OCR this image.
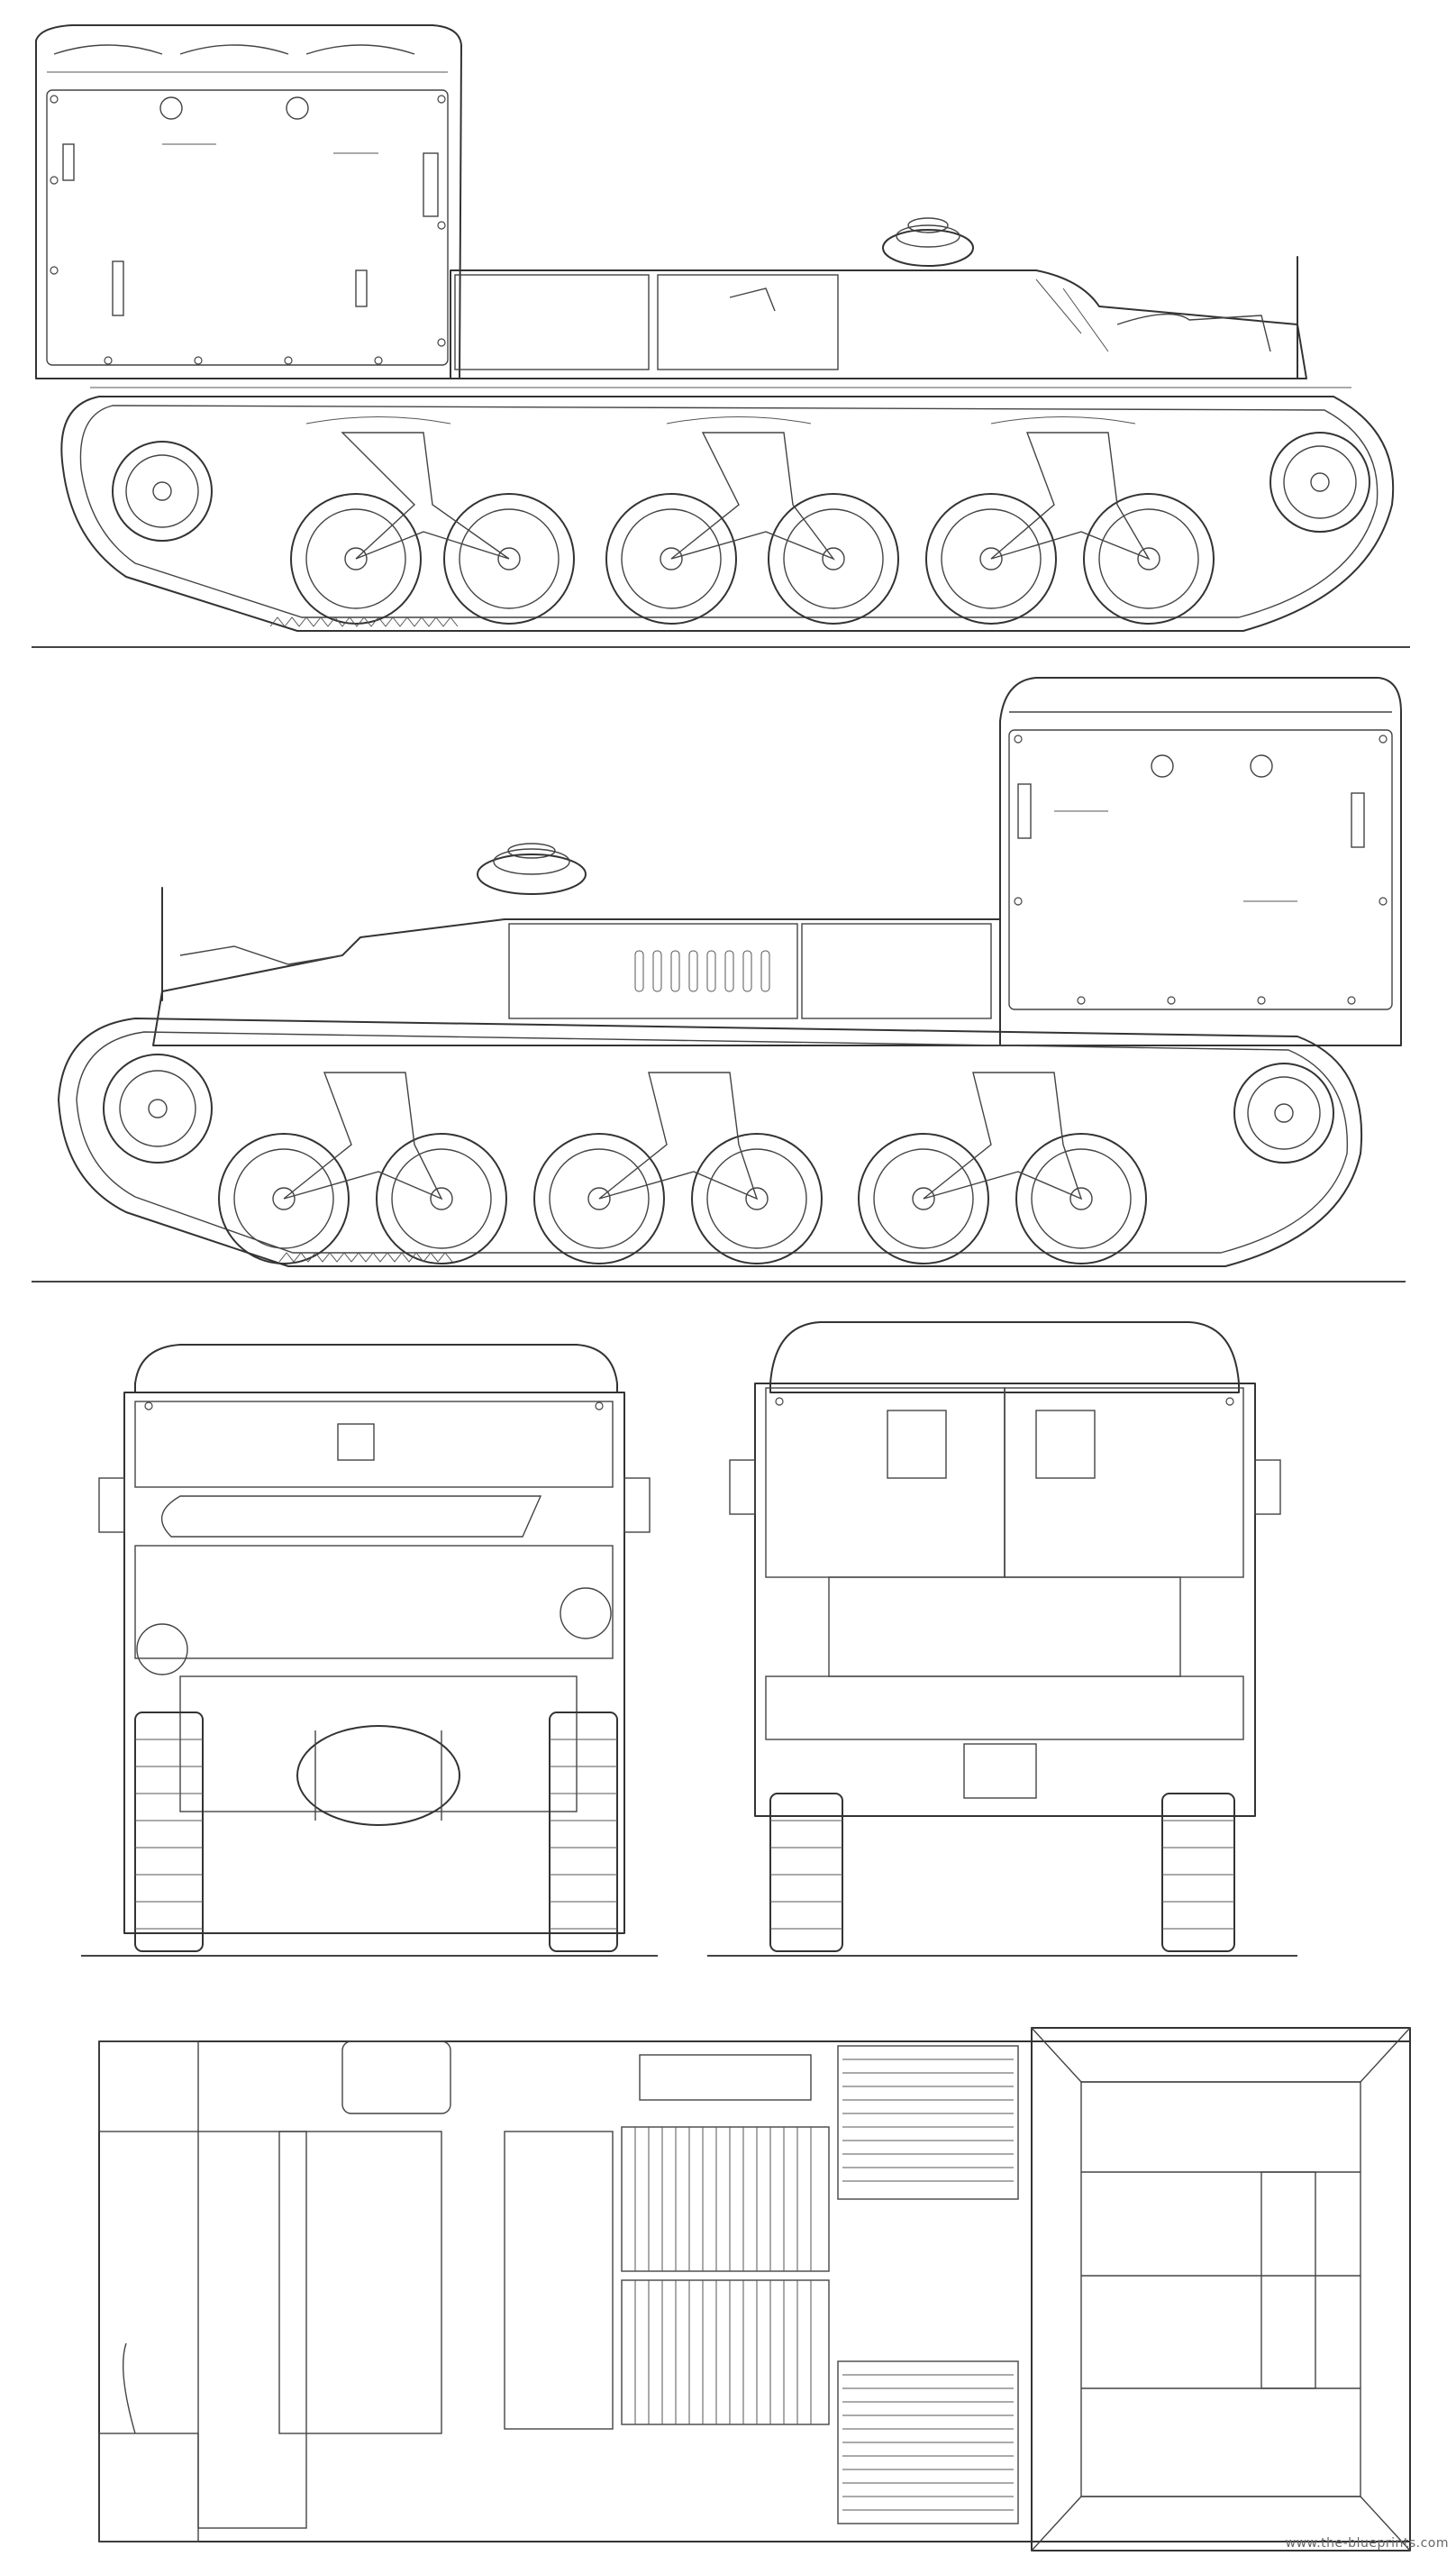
www.the-blueprints.com
